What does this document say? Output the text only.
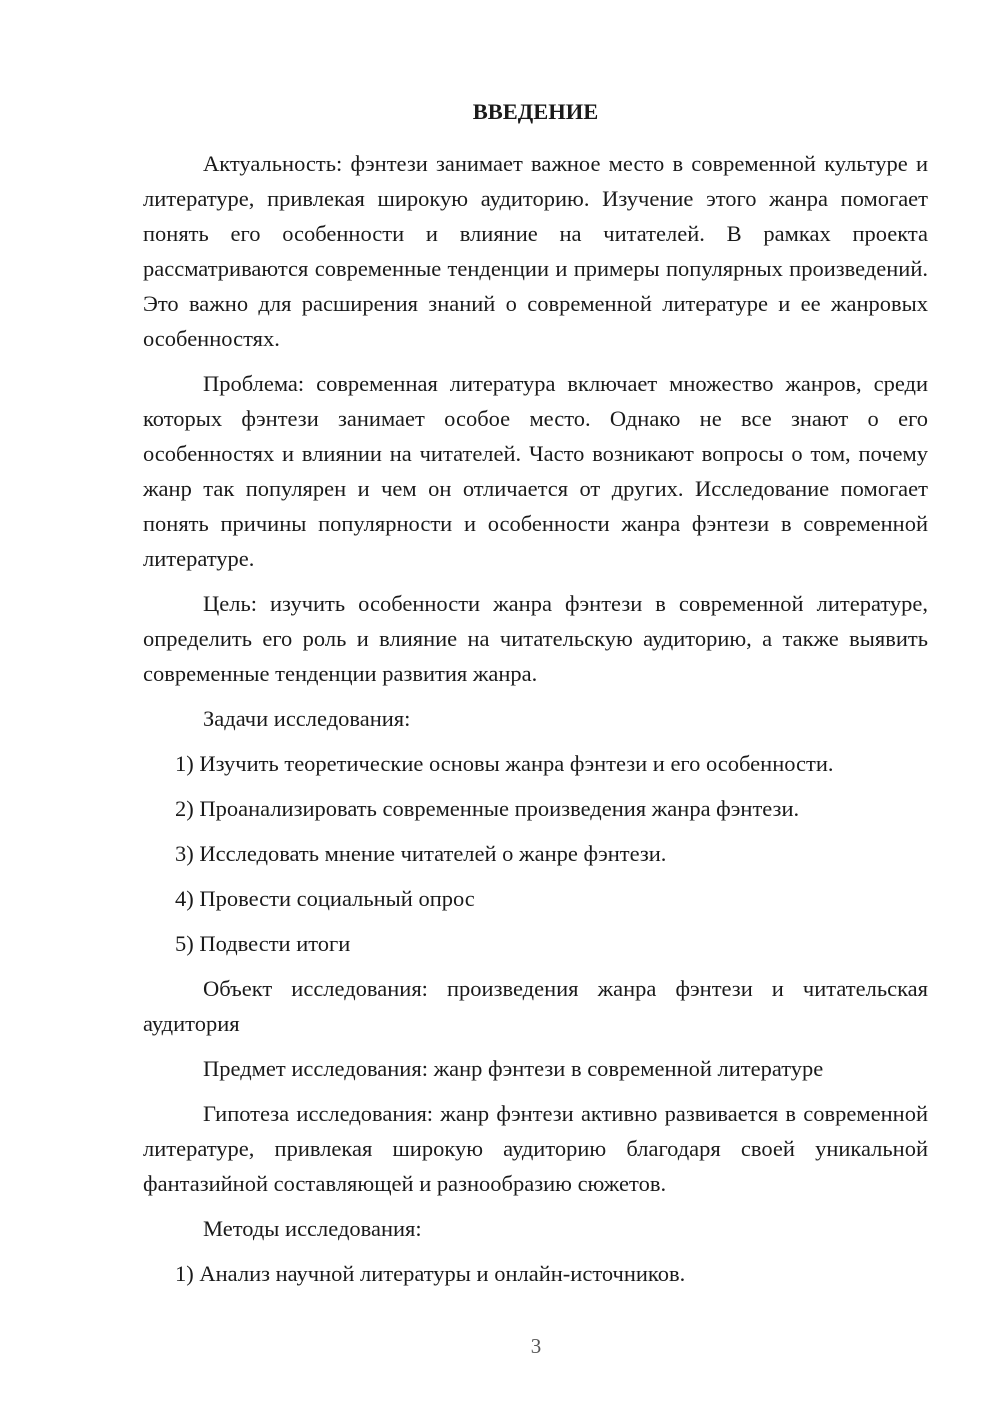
ВВЕДЕНИЕ

Актуальность: фэнтези занимает важное место в современной культуре и литературе, привлекая широкую аудиторию. Изучение этого жанра помогает понять его особенности и влияние на читателей. В рамках проекта рассматриваются современные тенденции и примеры популярных произведений. Это важно для расширения знаний о современной литературе и ее жанровых особенностях.

Проблема: современная литература включает множество жанров, среди которых фэнтези занимает особое место. Однако не все знают о его особенностях и влиянии на читателей. Часто возникают вопросы о том, почему жанр так популярен и чем он отличается от других. Исследование помогает понять причины популярности и особенности жанра фэнтези в современной литературе.

Цель: изучить особенности жанра фэнтези в современной литературе, определить его роль и влияние на читательскую аудиторию, а также выявить современные тенденции развития жанра.

Задачи исследования:
1) Изучить теоретические основы жанра фэнтези и его особенности.
2) Проанализировать современные произведения жанра фэнтези.
3) Исследовать мнение читателей о жанре фэнтези.
4) Провести социальный опрос
5) Подвести итоги

Объект исследования: произведения жанра фэнтези и читательская аудитория

Предмет исследования: жанр фэнтези в современной литературе

Гипотеза исследования: жанр фэнтези активно развивается в современной литературе, привлекая широкую аудиторию благодаря своей уникальной фантазийной составляющей и разнообразию сюжетов.

Методы исследования:
1) Анализ научной литературы и онлайн-источников.
3
